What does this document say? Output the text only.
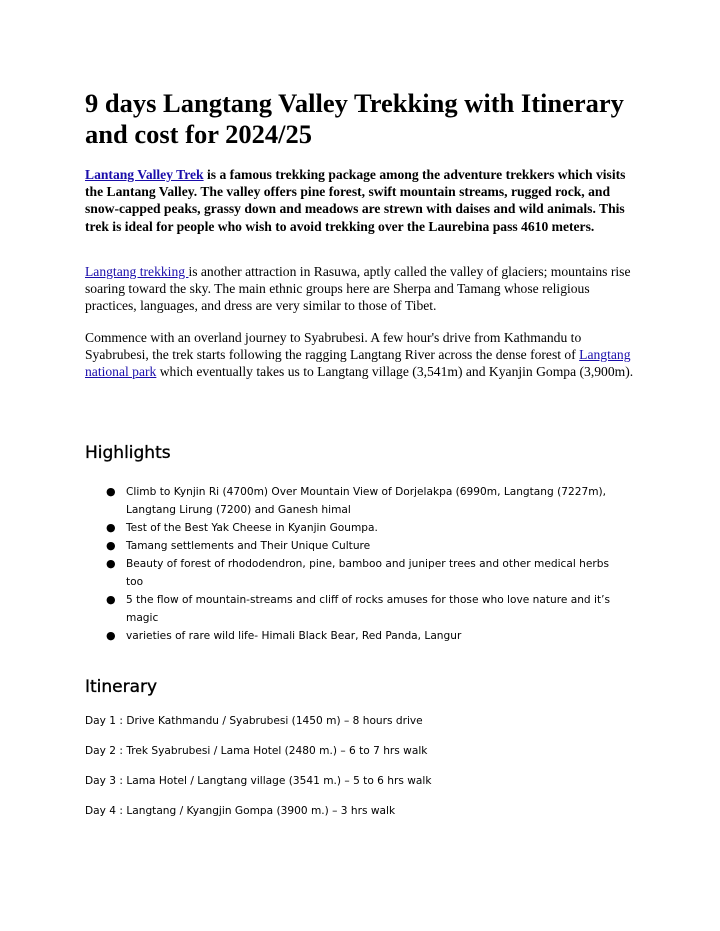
9 days Langtang Valley Trekking with Itinerary and cost for 2024/25

Lantang Valley Trek is a famous trekking package among the adventure trekkers which visits the Lantang Valley. The valley offers pine forest, swift mountain streams, rugged rock, and snow-capped peaks, grassy down and meadows are strewn with daises and wild animals. This trek is ideal for people who wish to avoid trekking over the Laurebina pass 4610 meters.

Langtang trekking is another attraction in Rasuwa, aptly called the valley of glaciers; mountains rise soaring toward the sky. The main ethnic groups here are Sherpa and Tamang whose religious practices, languages, and dress are very similar to those of Tibet.

Commence with an overland journey to Syabrubesi. A few hour's drive from Kathmandu to Syabrubesi, the trek starts following the ragging Langtang River across the dense forest of Langtang national park which eventually takes us to Langtang village (3,541m) and Kyanjin Gompa (3,900m).

Highlights
● Climb to Kynjin Ri (4700m) Over Mountain View of Dorjelakpa (6990m, Langtang (7227m), Langtang Lirung (7200) and Ganesh himal
● Test of the Best Yak Cheese in Kyanjin Goumpa.
● Tamang settlements and Their Unique Culture
● Beauty of forest of rhododendron, pine, bamboo and juniper trees and other medical herbs too
● 5 the flow of mountain-streams and cliff of rocks amuses for those who love nature and it’s magic
● varieties of rare wild life- Himali Black Bear, Red Panda, Langur
Itinerary

Day 1 : Drive Kathmandu / Syabrubesi (1450 m) – 8 hours drive

Day 2 : Trek Syabrubesi / Lama Hotel (2480 m.) – 6 to 7 hrs walk

Day 3 : Lama Hotel / Langtang village (3541 m.) – 5 to 6 hrs walk

Day 4 : Langtang / Kyangjin Gompa (3900 m.) – 3 hrs walk
